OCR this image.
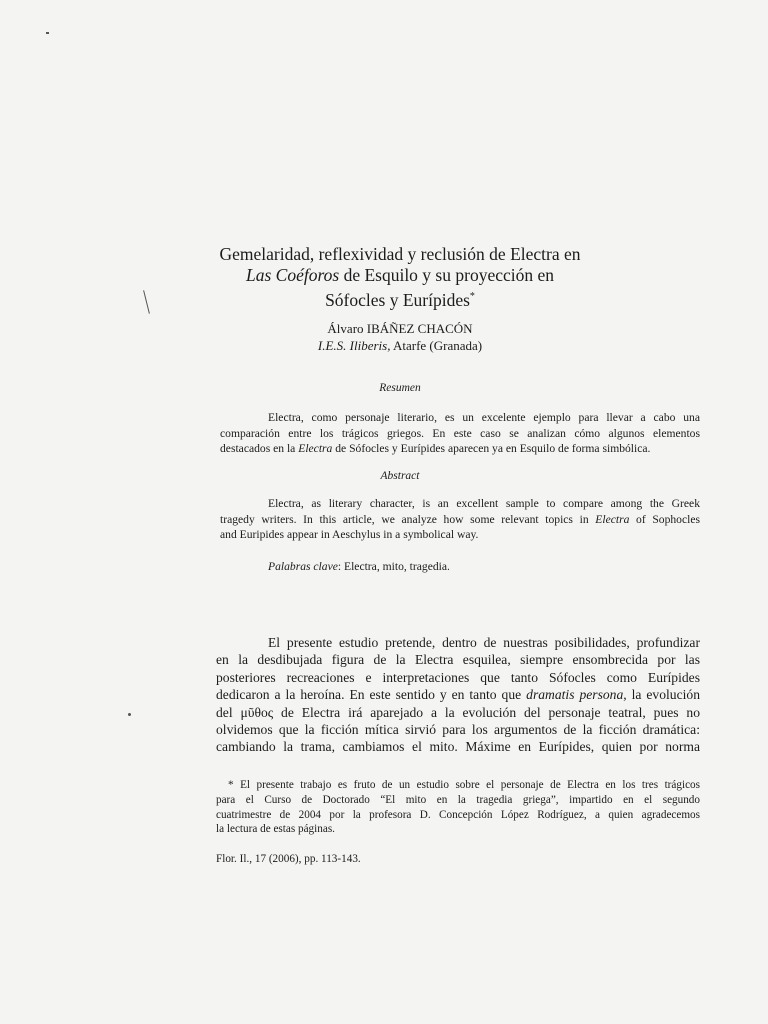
Gemelaridad, reflexividad y reclusión de Electra en
Las Coéforos de Esquilo y su proyección en
Sófocles y Eurípides*
Álvaro IBÁÑEZ CHACÓN
I.E.S. Iliberis, Atarfe (Granada)
Resumen
Electra, como personaje literario, es un excelente ejemplo para llevar a cabo una
comparación entre los trágicos griegos. En este caso se analizan cómo algunos elementos
destacados en la Electra de Sófocles y Eurípides aparecen ya en Esquilo de forma simbólica.
Abstract
Electra, as literary character, is an excellent sample to compare among the Greek
tragedy writers. In this article, we analyze how some relevant topics in Electra of Sophocles
and Euripides appear in Aeschylus in a symbolical way.
Palabras clave: Electra, mito, tragedia.
El presente estudio pretende, dentro de nuestras posibilidades, profundizar
en la desdibujada figura de la Electra esquilea, siempre ensombrecida por las
posteriores recreaciones e interpretaciones que tanto Sófocles como Eurípides
dedicaron a la heroína. En este sentido y en tanto que dramatis persona, la evolución
del μῦθος de Electra irá aparejado a la evolución del personaje teatral, pues no
olvidemos que la ficción mítica sirvió para los argumentos de la ficción dramática:
cambiando la trama, cambiamos el mito. Máxime en Eurípides, quien por norma
* El presente trabajo es fruto de un estudio sobre el personaje de Electra en los tres trágicos
para el Curso de Doctorado “El mito en la tragedia griega”, impartido en el segundo
cuatrimestre de 2004 por la profesora D. Concepción López Rodríguez, a quien agradecemos
la lectura de estas páginas.
Flor. Il., 17 (2006), pp. 113-143.
